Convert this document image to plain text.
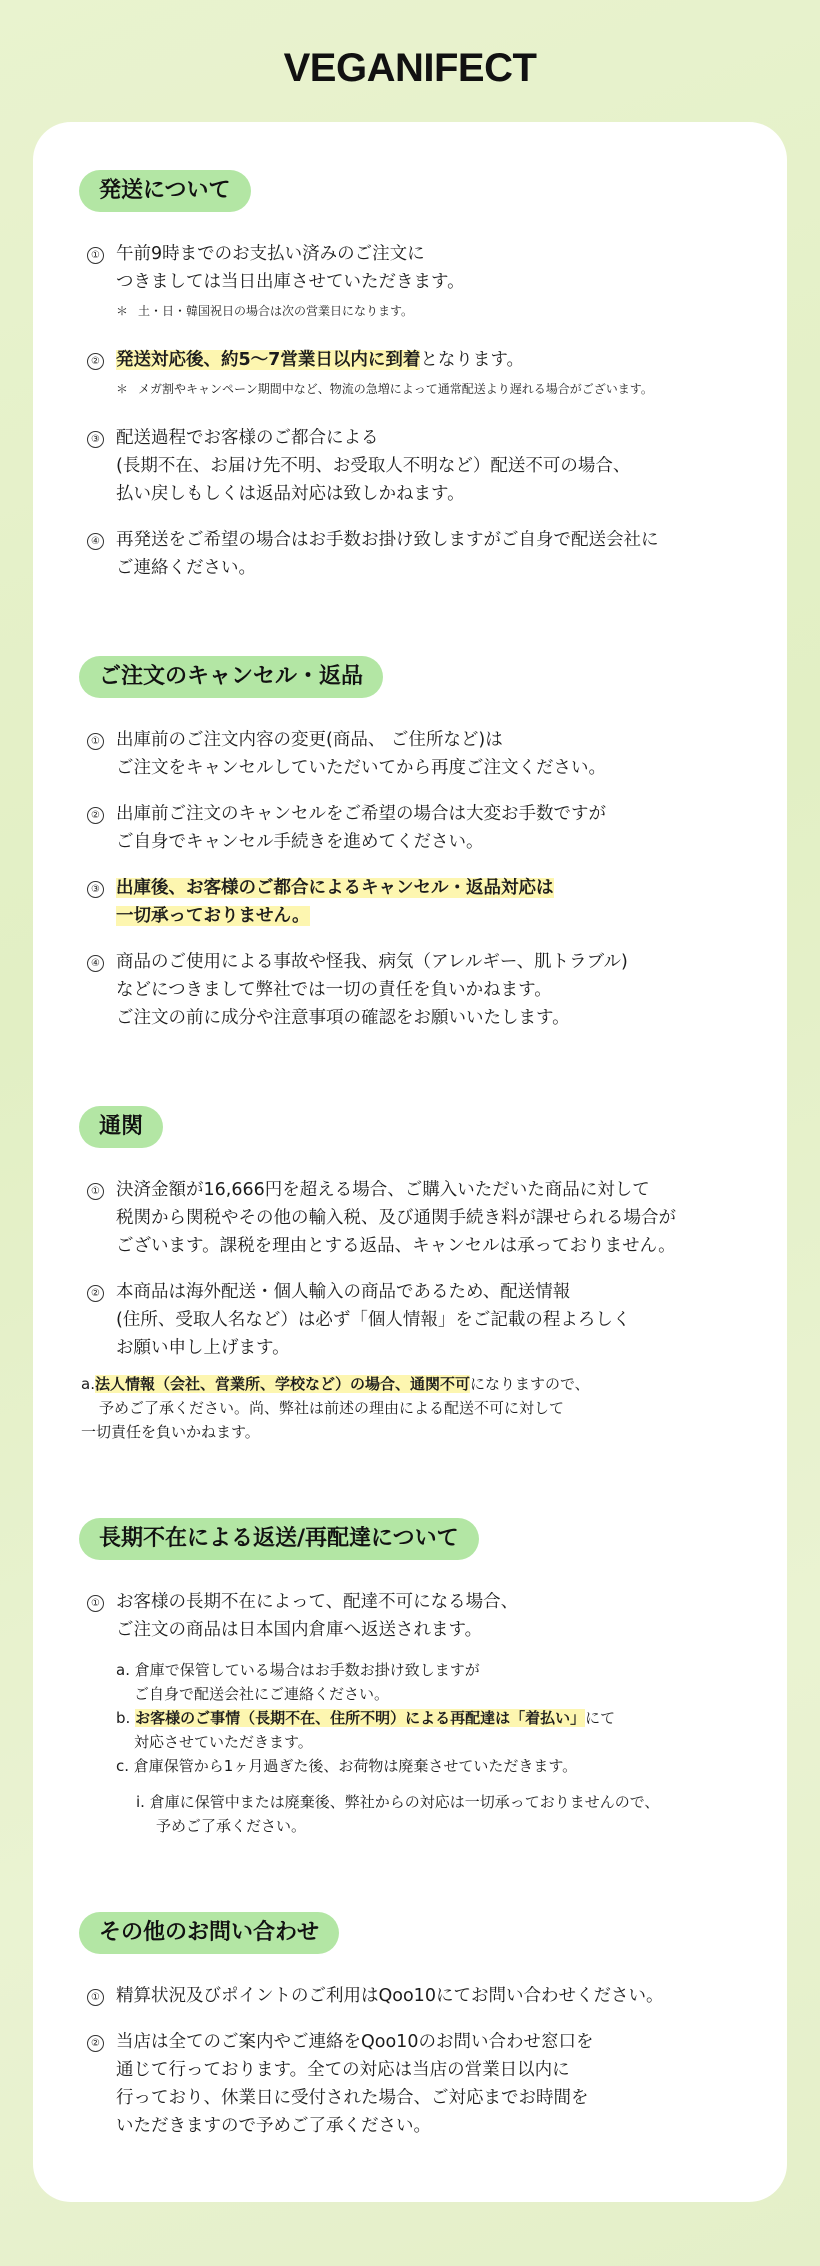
VEGANIFECT
発送について
① 午前9時までのお支払い済みのご注文に
つきましては当日出庫させていただきます。
＊ 土・日・韓国祝日の場合は次の営業日になります。
② 発送対応後、約5〜7営業日以内に到着となります。
＊ メガ割やキャンペーン期間中など、物流の急増によって通常配送より遅れる場合がございます。
③ 配送過程でお客様のご都合による
(長期不在、お届け先不明、お受取人不明など）配送不可の場合、
払い戻しもしくは返品対応は致しかねます。
④ 再発送をご希望の場合はお手数お掛け致しますがご自身で配送会社に
ご連絡ください。
ご注文のキャンセル・返品
① 出庫前のご注文内容の変更(商品、 ご住所など)は
ご注文をキャンセルしていただいてから再度ご注文ください。
② 出庫前ご注文のキャンセルをご希望の場合は大変お手数ですが
ご自身でキャンセル手続きを進めてください。
③ 出庫後、お客様のご都合によるキャンセル・返品対応は
一切承っておりません。
④ 商品のご使用による事故や怪我、病気（アレルギー、肌トラブル)
などにつきまして弊社では一切の責任を負いかねます。
ご注文の前に成分や注意事項の確認をお願いいたします。
通関
① 決済金額が16,666円を超える場合、ご購入いただいた商品に対して
税関から関税やその他の輸入税、及び通関手続き料が課せられる場合が
ございます。課税を理由とする返品、キャンセルは承っておりません。
② 本商品は海外配送・個人輸入の商品であるため、配送情報
(住所、受取人名など）は必ず「個人情報」をご記載の程よろしく
お願い申し上げます。
a.法人情報（会社、営業所、学校など）の場合、通関不可になりますので、
予めご了承ください。尚、弊社は前述の理由による配送不可に対して
一切責任を負いかねます。
長期不在による返送/再配達について
① お客様の長期不在によって、配達不可になる場合、
ご注文の商品は日本国内倉庫へ返送されます。
a. 倉庫で保管している場合はお手数お掛け致しますが
ご自身で配送会社にご連絡ください。
b. お客様のご事情（長期不在、住所不明）による再配達は「着払い」にて
対応させていただきます。
c. 倉庫保管から1ヶ月過ぎた後、お荷物は廃棄させていただきます。
i. 倉庫に保管中または廃棄後、弊社からの対応は一切承っておりませんので、
予めご了承ください。
その他のお問い合わせ
① 精算状況及びポイントのご利用はQoo10にてお問い合わせください。
② 当店は全てのご案内やご連絡をQoo10のお問い合わせ窓口を
通じて行っております。全ての対応は当店の営業日以内に
行っており、休業日に受付された場合、ご対応までお時間を
いただきますので予めご了承ください。
